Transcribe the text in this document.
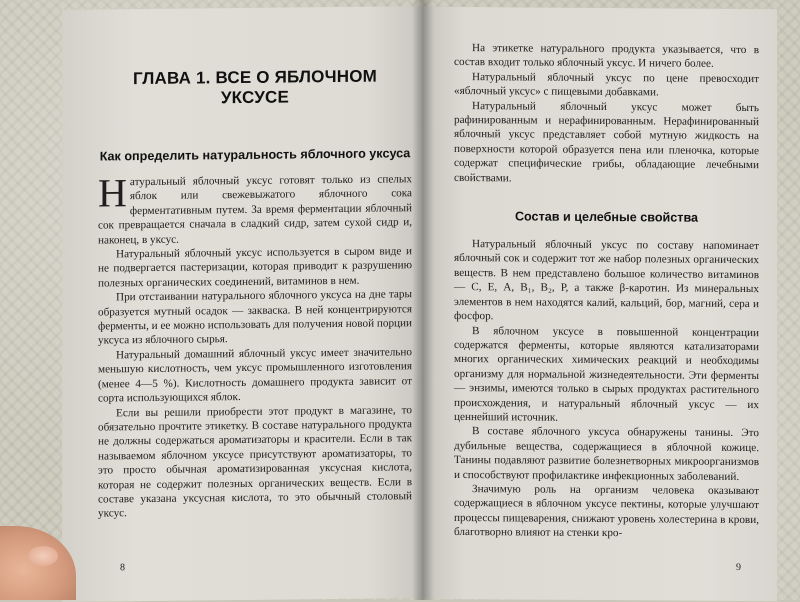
ГЛАВА 1. ВСЕ О ЯБЛОЧНОМ УКСУСЕ
Как определить натуральность яблочного уксуса

Натуральный яблочный уксус готовят только из спелых яблок или свежевыжатого яблочного сока ферментативным путем. За время ферментации яблочный сок превращается сначала в сладкий сидр, затем сухой сидр и, наконец, в уксус.

Натуральный яблочный уксус используется в сыром виде и не подвергается пастеризации, которая приводит к разрушению полезных органических соединений, витаминов в нем.

При отстаивании натурального яблочного уксуса на дне тары образуется мутный осадок — закваска. В ней концентрируются ферменты, и ее можно использовать для получения новой порции уксуса из яблочного сырья.

Натуральный домашний яблочный уксус имеет значительно меньшую кислотность, чем уксус промышленного изготовления (менее 4—5 %). Кислотность домашнего продукта зависит от сорта использующихся яблок.

Если вы решили приобрести этот продукт в магазине, то обязательно прочтите этикетку. В составе натурального продукта не должны содержаться ароматизаторы и красители. Если в так называемом яблочном уксусе присутствуют ароматизаторы, то это просто обычная ароматизированная уксусная кислота, которая не содержит полезных органических веществ. Если в составе указана уксусная кислота, то это обычный столовый уксус.

8

На этикетке натурального продукта указывается, что в состав входит только яблочный уксус. И ничего более.

Натуральный яблочный уксус по цене превосходит «яблочный уксус» с пищевыми добавками.

Натуральный яблочный уксус может быть рафинированным и нерафинированным. Нерафинированный яблочный уксус представляет собой мутную жидкость на поверхности которой образуется пена или пленочка, которые содержат специфические грибы, обладающие лечебными свойствами.

Состав и целебные свойства

Натуральный яблочный уксус по составу напоминает яблочный сок и содержит тот же набор полезных органических веществ. В нем представлено большое количество витаминов — С, Е, А, B₁, B₂, Р, а также β-каротин. Из минеральных элементов в нем находятся калий, кальций, бор, магний, сера и фосфор.

В яблочном уксусе в повышенной концентрации содержатся ферменты, которые являются катализаторами многих органических химических реакций и необходимы организму для нормальной жизнедеятельности. Эти ферменты — энзимы, имеются только в сырых продуктах растительного происхождения, и натуральный яблочный уксус — их ценнейший источник.

В составе яблочного уксуса обнаружены танины. Это дубильные вещества, содержащиеся в яблочной кожице. Танины подавляют развитие болезнетворных микроорганизмов и способствуют профилактике инфекционных заболеваний.

Значимую роль на организм человека оказывают содержащиеся в яблочном уксусе пектины, которые улучшают процессы пищеварения, снижают уровень холестерина в крови, благотворно влияют на стенки кро-

9
